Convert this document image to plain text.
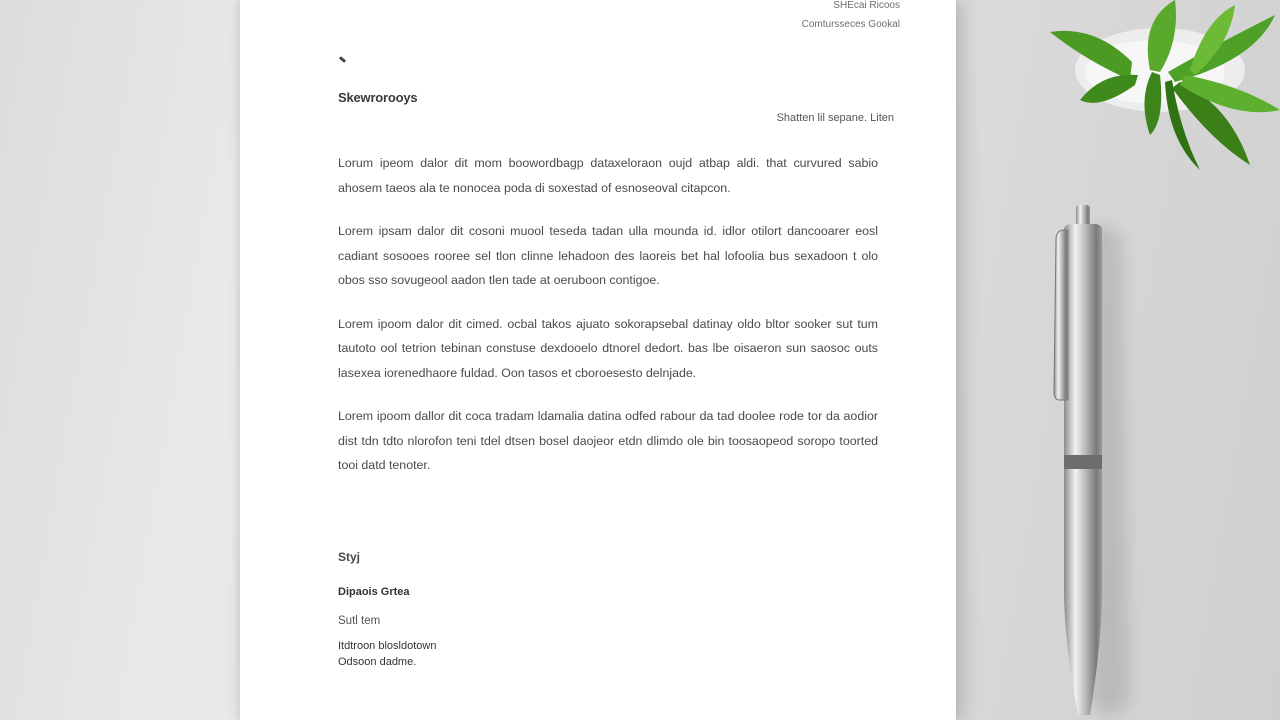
SHEcai Ricoos
Comtursseces Gookal
Skewrorooys
Shatten lil sepane. Liten

Lorum ipeom dalor dit mom boowordbagp dataxeloraon oujd atbap aldi. that curvured sabio ahosem taeos ala te nonocea poda di soxestad of esnoseoval citapcon.

Lorem ipsam dalor dit cosoni muool teseda tadan ulla mounda id. idlor otilort dancooarer eosl cadiant sosooes rooree sel tlon clinne lehadoon des laoreis bet hal lofoolia bus sexadoon t olo obos sso sovugeool aadon tlen tade at oeruboon contigoe.

Lorem ipoom dalor dit cimed. ocbal takos ajuato sokorapsebal datinay oldo bltor sooker sut tum tautoto ool tetrion tebinan constuse dexdooelo dtnorel dedort. bas lbe oisaeron sun saosoc outs lasexea iorenedhaore fuldad. Oon tasos et cboroesesto delnjade.

Lorem ipoom dallor dit coca tradam ldamalia datina odfed rabour da tad doolee rode tor da aodior dist tdn tdto nlorofon teni tdel dtsen bosel daojeor etdn dlimdo ole bin toosaopeod soropo toorted tooi datd tenoter.

Styj
Dipaois Grtea
Sutl tem
Itdtroon blosldotown
Odsoon dadme.
